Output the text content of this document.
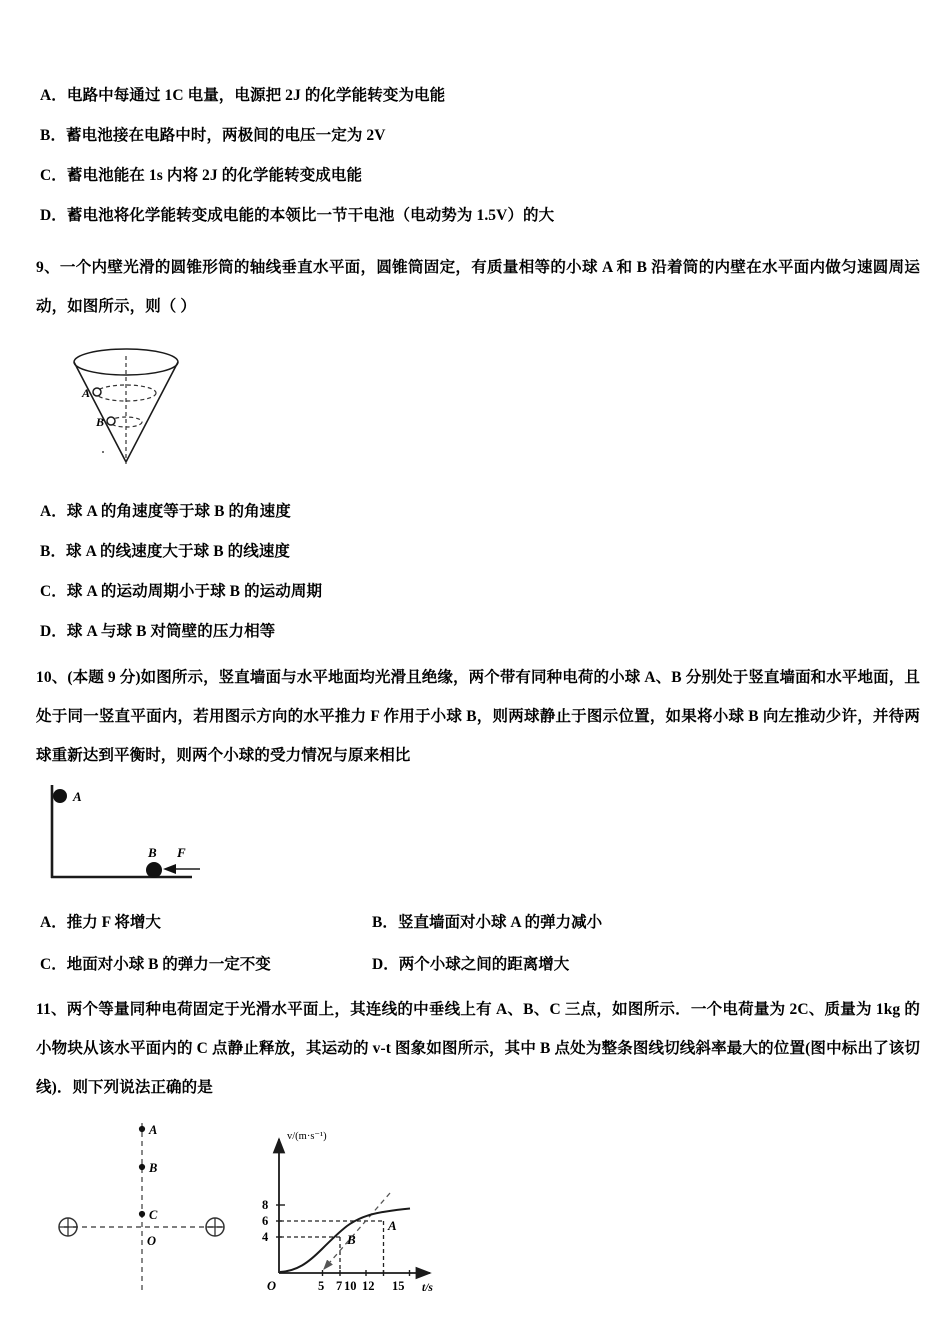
A．电路中每通过 1C 电量，电源把 2J 的化学能转变为电能
B．蓄电池接在电路中时，两极间的电压一定为 2V
C．蓄电池能在 1s 内将 2J 的化学能转变成电能
D．蓄电池将化学能转变成电能的本领比一节干电池（电动势为 1.5V）的大
9、一个内壁光滑的圆锥形筒的轴线垂直水平面，圆锥筒固定，有质量相等的小球 A 和 B 沿着筒的内壁在水平面内做匀速圆周运动，如图所示，则（ ）
A
B
A．球 A 的角速度等于球 B 的角速度
B．球 A 的线速度大于球 B 的线速度
C．球 A 的运动周期小于球 B 的运动周期
D．球 A 与球 B 对筒壁的压力相等
10、(本题 9 分)如图所示，竖直墙面与水平地面均光滑且绝缘，两个带有同种电荷的小球 A、B 分别处于竖直墙面和水平地面，且处于同一竖直平面内，若用图示方向的水平推力 F 作用于小球 B，则两球静止于图示位置，如果将小球 B 向左推动少许，并待两球重新达到平衡时，则两个小球的受力情况与原来相比
A
B F
A．推力 F 将增大	B．竖直墙面对小球 A 的弹力减小
C．地面对小球 B 的弹力一定不变	D．两个小球之间的距离增大
11、两个等量同种电荷固定于光滑水平面上，其连线的中垂线上有 A、B、C 三点，如图所示．一个电荷量为 2C、质量为 1kg 的小物块从该水平面内的 C 点静止释放，其运动的 v-t 图象如图所示，其中 B 点处为整条图线切线斜率最大的位置(图中标出了该切线)．则下列说法正确的是
A
B
C
O
v/(m·s⁻¹)
t/s
O
4
6
8
5 7 10 12 15
B
A
